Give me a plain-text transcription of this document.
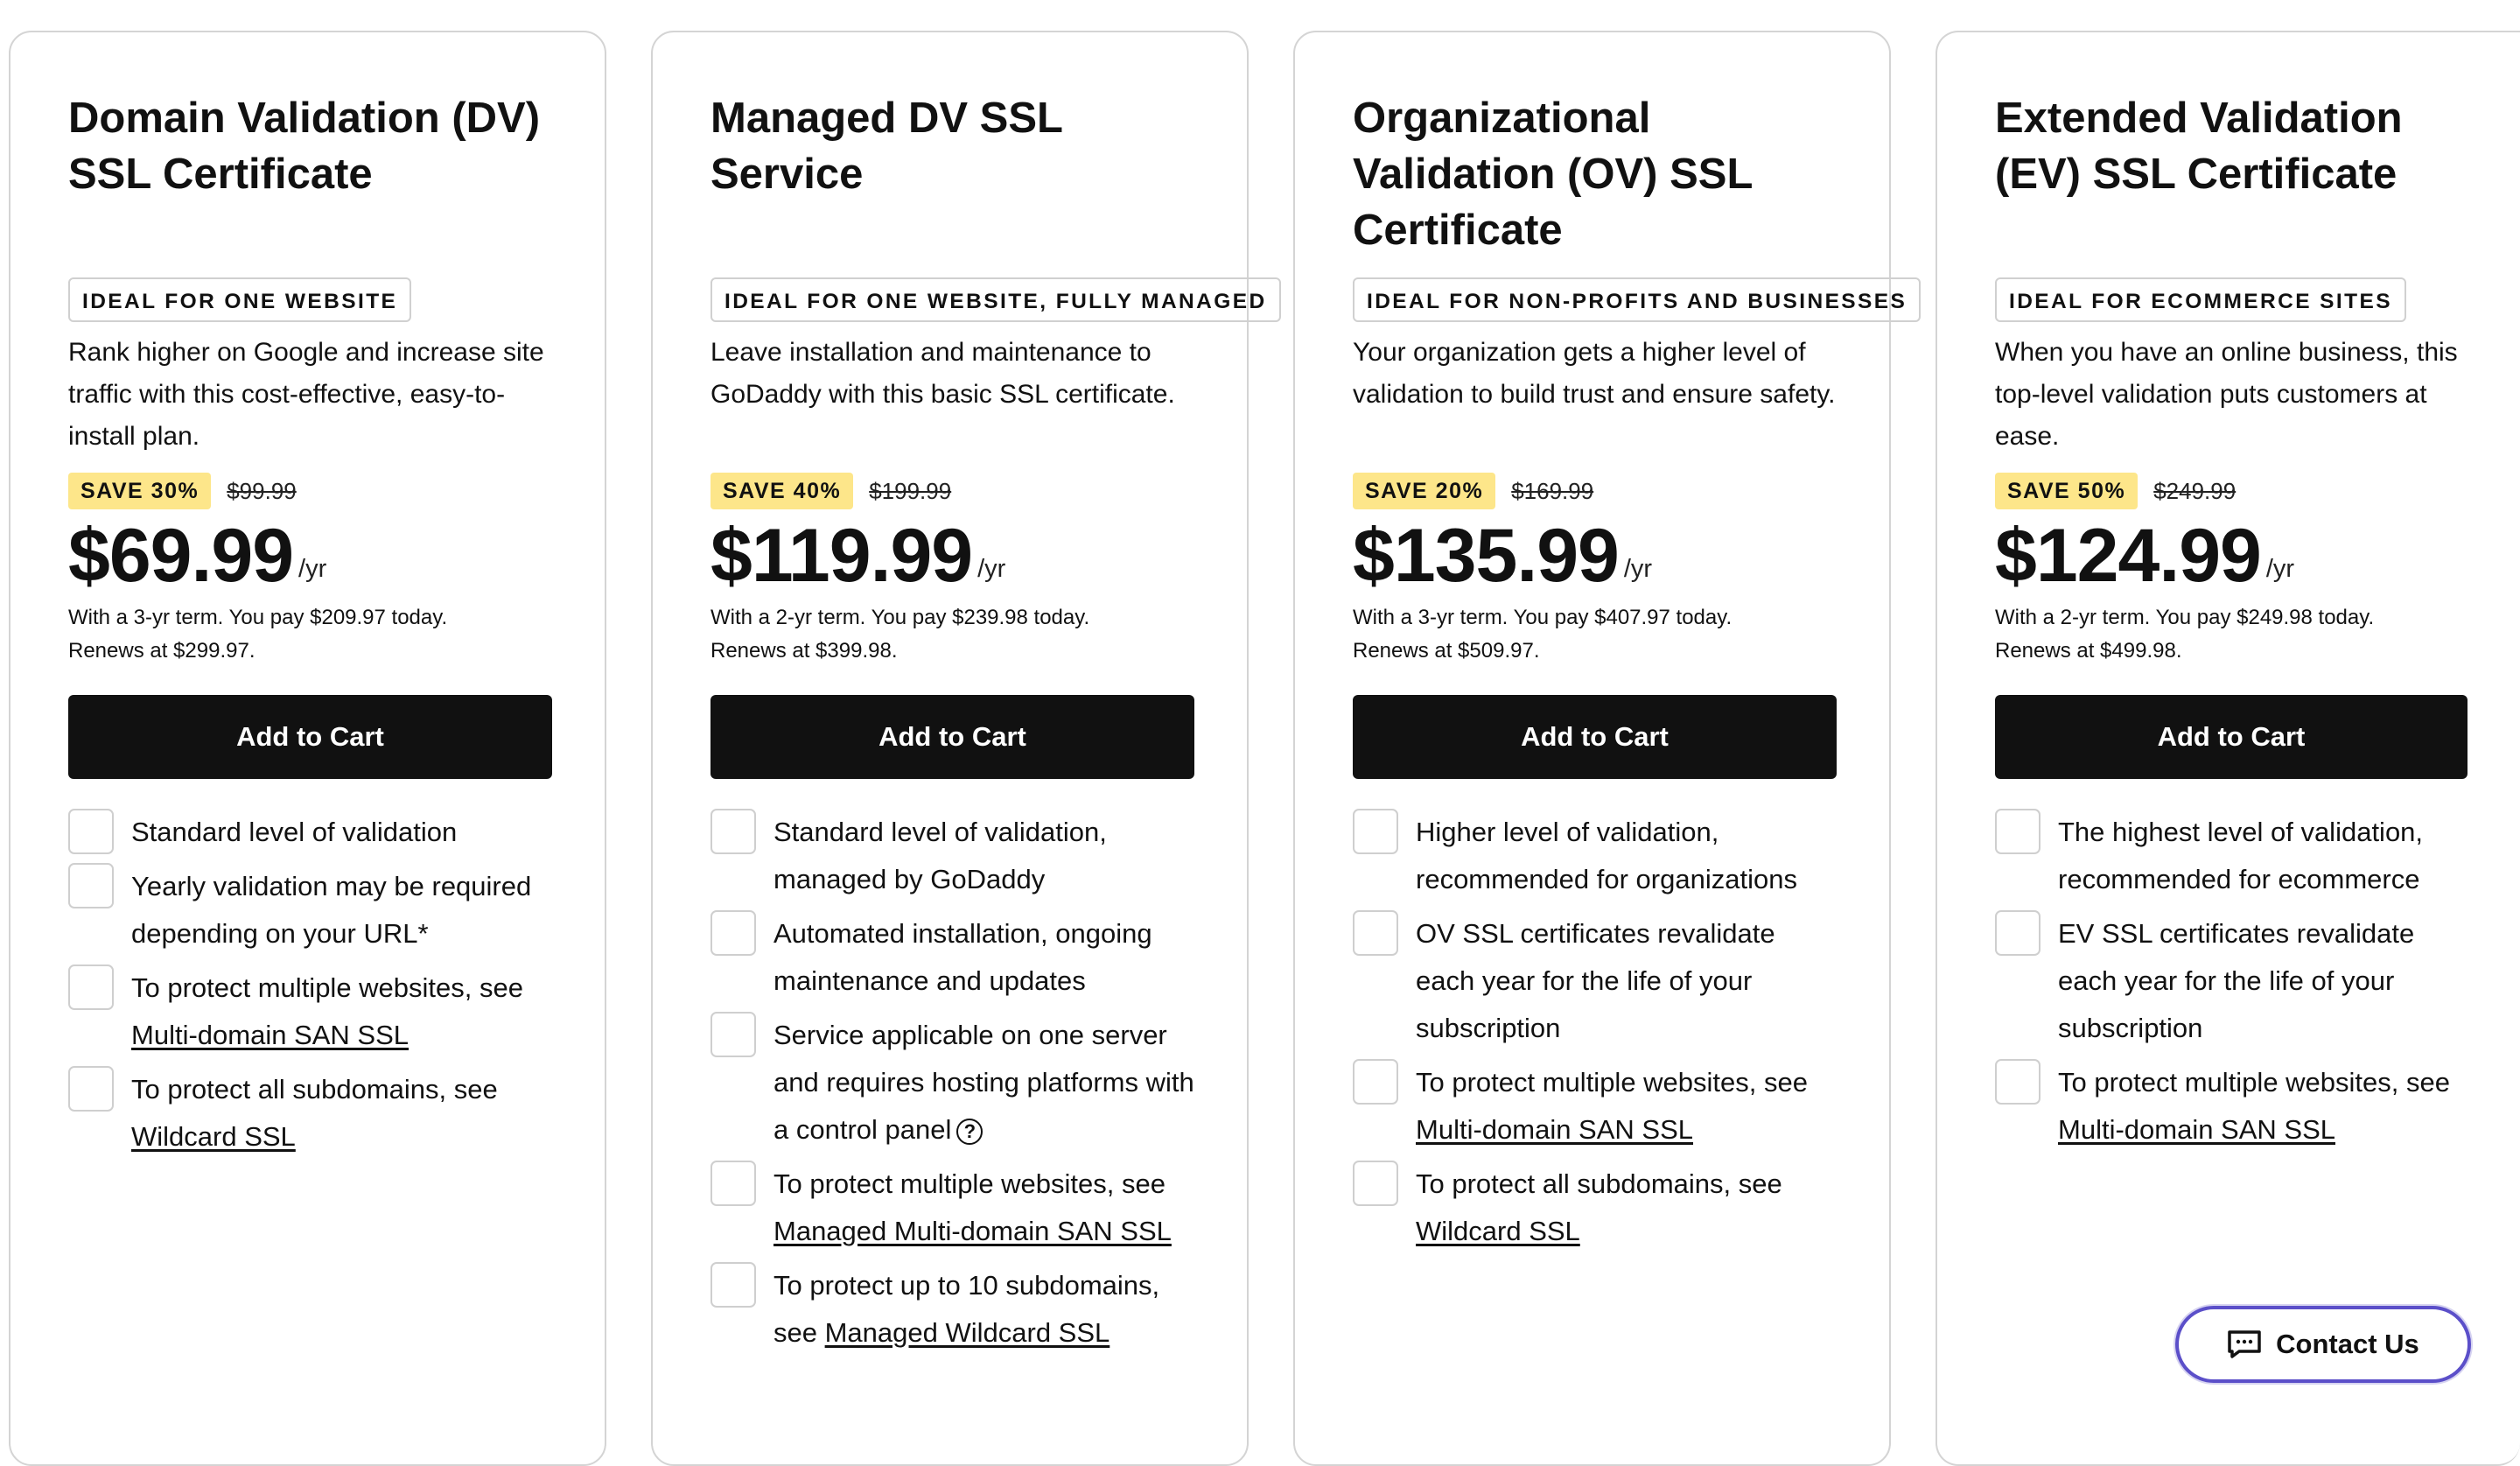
Domain Validation (DV) SSL Certificate
IDEAL FOR ONE WEBSITE
Rank higher on Google and increase site traffic with this cost-effective, easy-to-install plan.
SAVE 30%	$99.99
$69.99 /yr
With a 3-yr term. You pay $209.97 today.
Renews at $299.97.
Add to Cart
Standard level of validation
Yearly validation may be required depending on your URL*
To protect multiple websites, see
Multi-domain SAN SSL
To protect all subdomains, see
Wildcard SSL
Managed DV SSL Service
IDEAL FOR ONE WEBSITE, FULLY MANAGED
Leave installation and maintenance to GoDaddy with this basic SSL certificate.
SAVE 40%	$199.99
$119.99 /yr
With a 2-yr term. You pay $239.98 today.
Renews at $399.98.
Add to Cart
Standard level of validation, managed by GoDaddy
Automated installation, ongoing maintenance and updates
Service applicable on one server and requires hosting platforms with a control panel ?
To protect multiple websites, see
Managed Multi-domain SAN SSL
To protect up to 10 subdomains, see Managed Wildcard SSL
Organizational Validation (OV) SSL Certificate
IDEAL FOR NON-PROFITS AND BUSINESSES
Your organization gets a higher level of validation to build trust and ensure safety.
SAVE 20%	$169.99
$135.99 /yr
With a 3-yr term. You pay $407.97 today.
Renews at $509.97.
Add to Cart
Higher level of validation, recommended for organizations
OV SSL certificates revalidate each year for the life of your subscription
To protect multiple websites, see
Multi-domain SAN SSL
To protect all subdomains, see
Wildcard SSL
Extended Validation (EV) SSL Certificate
IDEAL FOR ECOMMERCE SITES
When you have an online business, this top-level validation puts customers at ease.
SAVE 50%	$249.99
$124.99 /yr
With a 2-yr term. You pay $249.98 today.
Renews at $499.98.
Add to Cart
The highest level of validation, recommended for ecommerce
EV SSL certificates revalidate each year for the life of your subscription
To protect multiple websites, see
Multi-domain SAN SSL
Contact Us
